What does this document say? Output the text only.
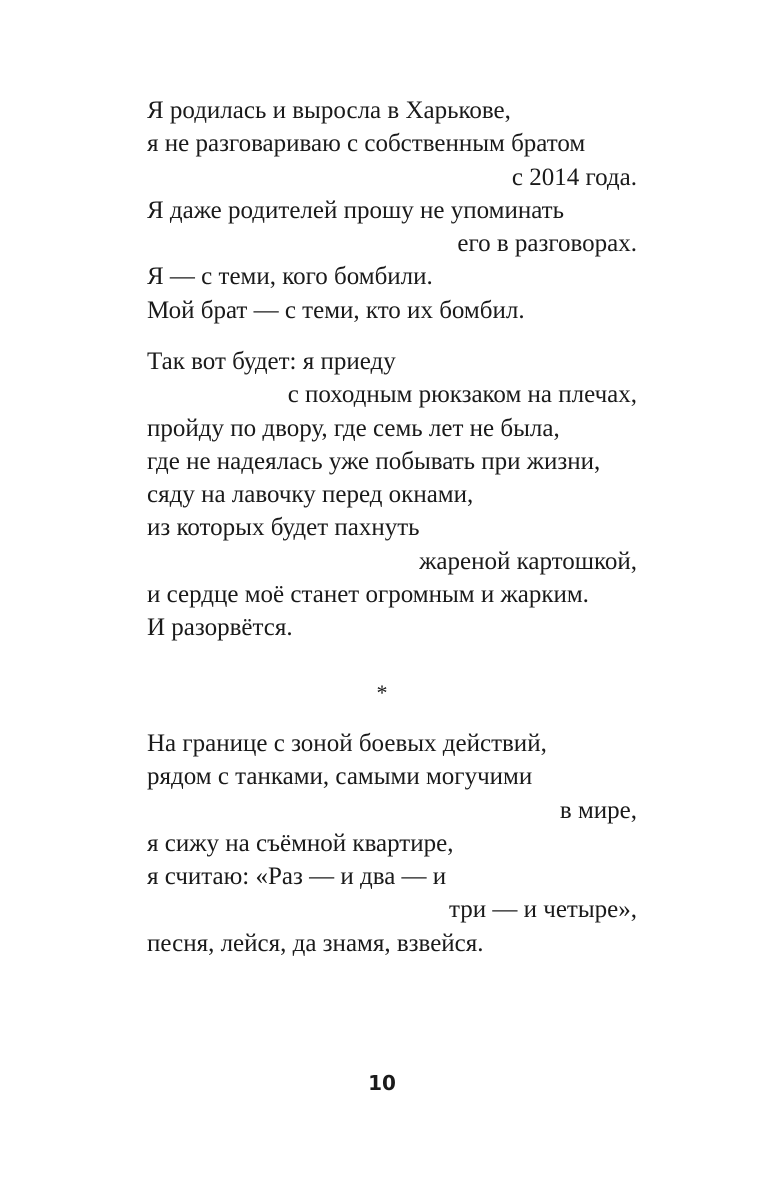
Я родилась и выросла в Харькове,
я не разговариваю с собственным братом
с 2014 года.
Я даже родителей прошу не упоминать
его в разговорах.
Я — с теми, кого бомбили.
Мой брат — с теми, кто их бомбил.
Так вот будет: я приеду
с походным рюкзаком на плечах,
пройду по двору, где семь лет не была,
где не надеялась уже побывать при жизни,
сяду на лавочку перед окнами,
из которых будет пахнуть
жареной картошкой,
и сердце моё станет огромным и жарким.
И разорвётся.
*
На границе с зоной боевых действий,
рядом с танками, самыми могучими
в мире,
я сижу на съёмной квартире,
я считаю: «Раз — и два — и
три — и четыре»,
песня, лейся, да знамя, взвейся.
10
